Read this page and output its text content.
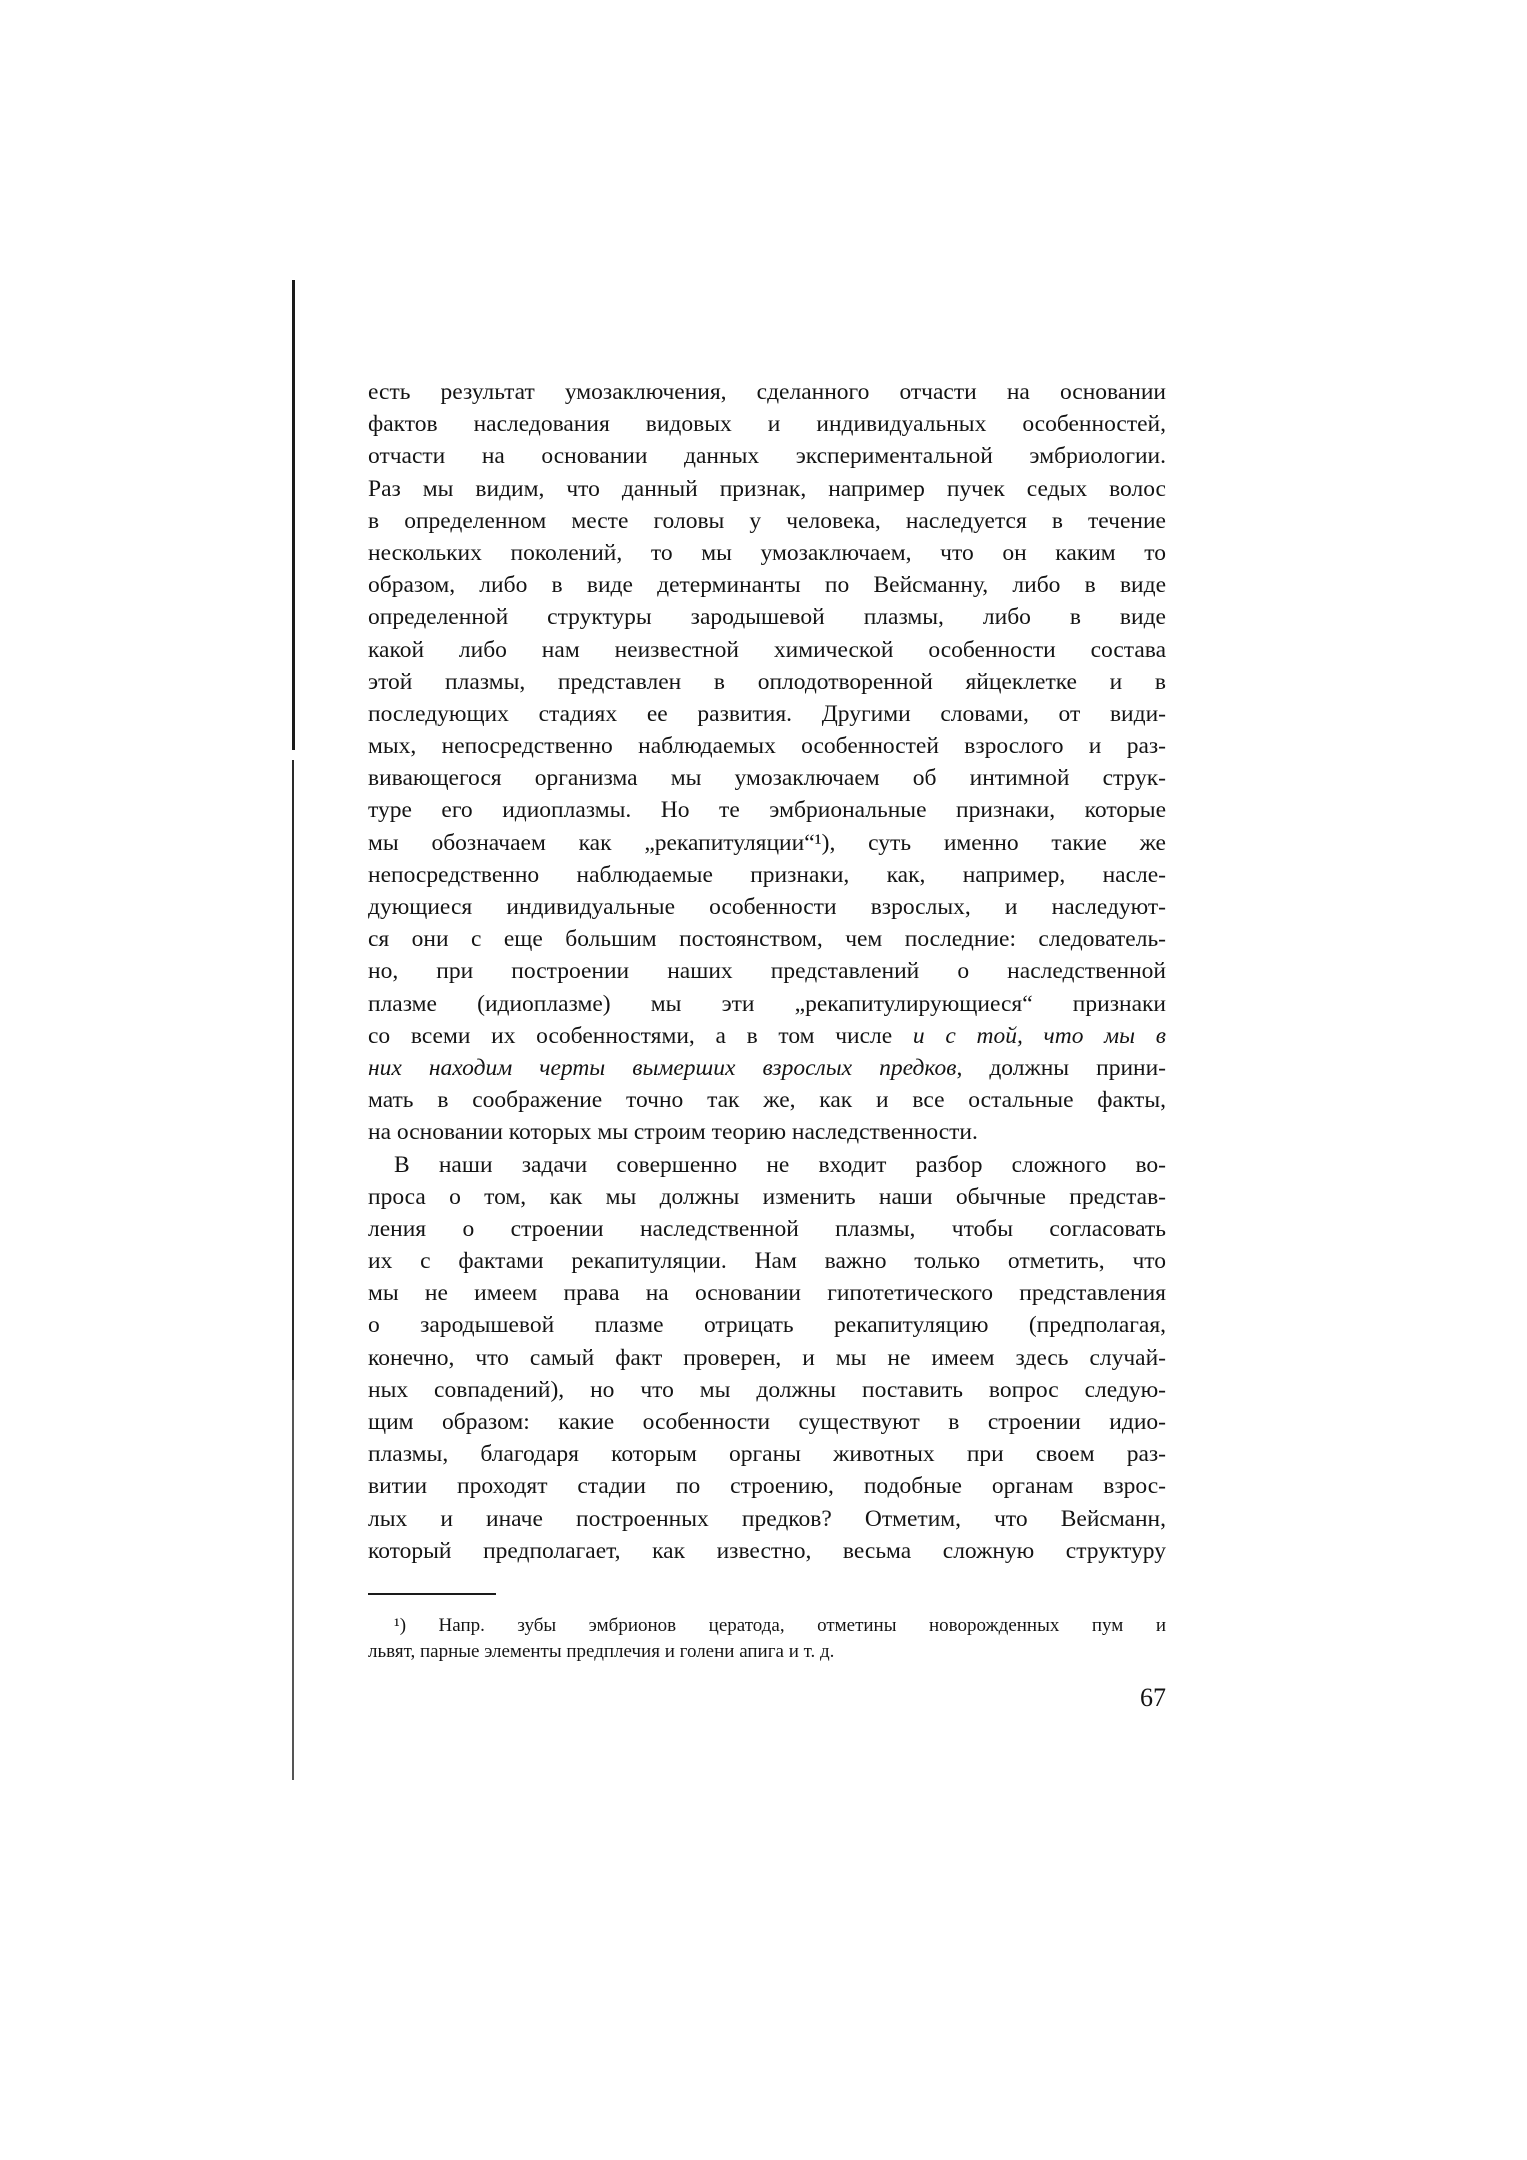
есть результат умозаключения, сделанного отчасти на основании
фактов наследования видовых и индивидуальных особенностей,
отчасти на основании данных экспериментальной эмбриологии.
Раз мы видим, что данный признак, например пучек седых волос
в определенном месте головы у человека, наследуется в течение
нескольких поколений, то мы умозаключаем, что он каким то
образом, либо в виде детерминанты по Вейсманну, либо в виде
определенной структуры зародышевой плазмы, либо в виде
какой либо нам неизвестной химической особенности состава
этой плазмы, представлен в оплодотворенной яйцеклетке и в
последующих стадиях ее развития. Другими словами, от види-
мых, непосредственно наблюдаемых особенностей взрослого и раз-
вивающегося организма мы умозаключаем об интимной струк-
туре его идиоплазмы. Но те эмбриональные признаки, которые
мы обозначаем как „рекапитуляции“¹), суть именно такие же
непосредственно наблюдаемые признаки, как, например, насле-
дующиеся индивидуальные особенности взрослых, и наследуют-
ся они с еще большим постоянством, чем последние: следователь-
но, при построении наших представлений о наследственной
плазме (идиоплазме) мы эти „рекапитулирующиеся“ признаки
со всеми их особенностями, а в том числе и с той, что мы в
них находим черты вымерших взрослых предков, должны прини-
мать в соображение точно так же, как и все остальные факты,
на основании которых мы строим теорию наследственности.
В наши задачи совершенно не входит разбор сложного во-
проса о том, как мы должны изменить наши обычные представ-
ления о строении наследственной плазмы, чтобы согласовать
их с фактами рекапитуляции. Нам важно только отметить, что
мы не имеем права на основании гипотетического представления
о зародышевой плазме отрицать рекапитуляцию (предполагая,
конечно, что самый факт проверен, и мы не имеем здесь случай-
ных совпадений), но что мы должны поставить вопрос следую-
щим образом: какие особенности существуют в строении идио-
плазмы, благодаря которым органы животных при своем раз-
витии проходят стадии по строению, подобные органам взрос-
лых и иначе построенных предков? Отметим, что Вейсманн,
который предполагает, как известно, весьма сложную структуру
¹) Напр. зубы эмбрионов цератода, отметины новорожденных пум и
львят, парные элементы предплечия и голени апига и т. д.
67
